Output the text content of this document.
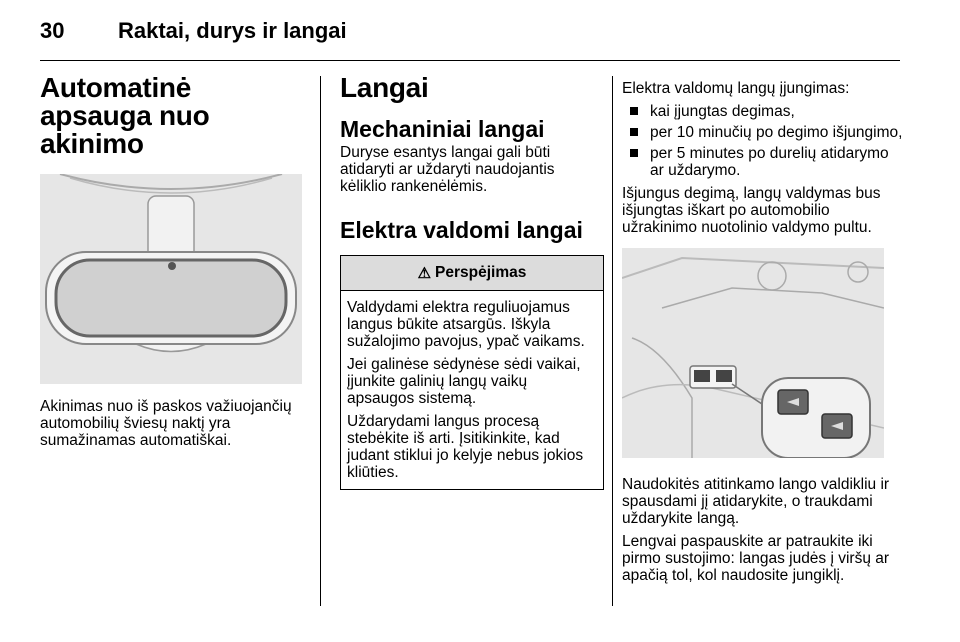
30 Raktai, durys ir langai
Automatinė apsauga nuo akinimo

Akinimas nuo iš paskos važiuojančių automobilių šviesų naktį yra sumažinamas automatiškai.

Langai
Mechaniniai langai

Duryse esantys langai gali būti atidaryti ar uždaryti naudojantis kėliklio rankenėlėmis.

Elektra valdomi langai
⚠ Perspėjimas

Valdydami elektra reguliuojamus langus būkite atsargūs. Iškyla sužalojimo pavojus, ypač vaikams.

Jei galinėse sėdynėse sėdi vaikai, įjunkite galinių langų vaikų apsaugos sistemą.

Uždarydami langus procesą stebėkite iš arti. Įsitikinkite, kad judant stiklui jo kelyje nebus jokios kliūties.

Elektra valdomų langų įjungimas:

kai įjungtas degimas,
per 10 minučių po degimo išjungimo,
per 5 minutes po durelių atidarymo ar uždarymo.

Išjungus degimą, langų valdymas bus išjungtas iškart po automobilio užrakinimo nuotolinio valdymo pultu.

Naudokitės atitinkamo lango valdikliu ir spausdami jį atidarykite, o traukdami uždarykite langą.

Lengvai paspauskite ar patraukite iki pirmo sustojimo: langas judės į viršų ar apačią tol, kol naudosite jungiklį.
